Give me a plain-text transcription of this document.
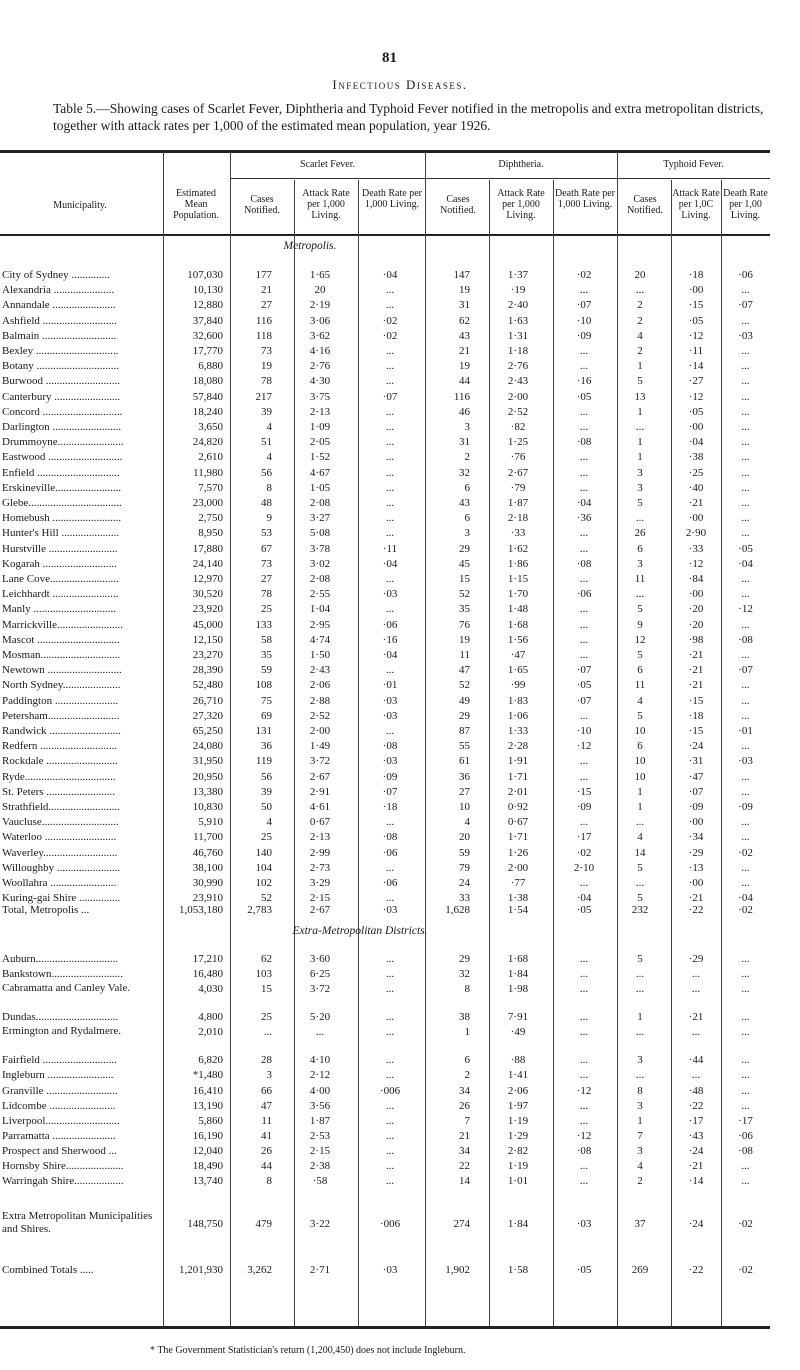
81
Infectious Diseases.
Table 5.—Showing cases of Scarlet Fever, Diphtheria and Typhoid Fever notified in the metropolis and extra metropolitan districts, together with attack rates per 1,000 of the estimated mean population, year 1926.
Municipality.
Scarlet Fever.	Diphtheria.	Typhoid Fever.
Estimated Mean Population.
Cases Notified.
Attack Rate per 1,000 Living.
Death Rate per 1,000 Living.	Cases Notified.
Attack Rate per 1,000 Living.
Death Rate per 1,000 Living.	Cases Notified.
Attack Rate per 1,0C Living.
Death Rate per 1,00 Living.
Metropolis.
City of Sydney ..............	107,030	177	1·65	·04	147	1·37	·02	20	·18	·06
Alexandria ......................	10,130	21	20	...	19	·19	...	...	·00	...
Annandale .......................	12,880	27	2·19	...	31	2·40	·07	2	·15	·07
Ashfield ...........................	37,840	116	3·06	·02	62	1·63	·10	2	·05	...
Balmain ...........................	32,600	118	3·62	·02	43	1·31	·09	4	·12	·03
Bexley ..............................	17,770	73	4·16	...	21	1·18	...	2	·11	...
Botany ..............................	6,880	19	2·76	...	19	2·76	...	1	·14	...
Burwood ...........................	18,080	78	4·30	...	44	2·43	·16	5	·27	...
Canterbury ........................	57,840	217	3·75	·07	116	2·00	·05	13	·12	...
Concord .............................	18,240	39	2·13	...	46	2·52	...	1	·05	...
Darlington .........................	3,650	4	1·09	...	3	·82	...	...	·00	...
Drummoyne........................	24,820	51	2·05	...	31	1·25	·08	1	·04	...
Eastwood ...........................	2,610	4	1·52	...	2	·76	...	1	·38	...
Enfield ..............................	11,980	56	4·67	...	32	2·67	...	3	·25	...
Erskineville........................	7,570	8	1·05	...	6	·79	...	3	·40	...
Glebe..................................	23,000	48	2·08	...	43	1·87	·04	5	·21	...
Homebush .........................	2,750	9	3·27	...	6	2·18	·36	...	·00	...
Hunter's Hill .....................	8,950	53	5·08	...	3	·33	...	26	2·90	...
Hurstville .........................	17,880	67	3·78	·11	29	1·62	...	6	·33	·05
Kogarah ...........................	24,140	73	3·02	·04	45	1·86	·08	3	·12	·04
Lane Cove.........................	12,970	27	2·08	...	15	1·15	...	11	·84	...
Leichhardt ........................	30,520	78	2·55	·03	52	1·70	·06	...	·00	...
Manly ..............................	23,920	25	1·04	...	35	1·48	...	5	·20	·12
Marrickville........................	45,000	133	2·95	·06	76	1·68	...	9	·20	...
Mascot ..............................	12,150	58	4·74	·16	19	1·56	...	12	·98	·08
Mosman.............................	23,270	35	1·50	·04	11	·47	...	5	·21	...
Newtown ...........................	28,390	59	2·43	...	47	1·65	·07	6	·21	·07
North Sydney.....................	52,480	108	2·06	·01	52	·99	·05	11	·21	...
Paddington .......................	26,710	75	2·88	·03	49	1·83	·07	4	·15	...
Petersham..........................	27,320	69	2·52	·03	29	1·06	...	5	·18	...
Randwick ..........................	65,250	131	2·00	...	87	1·33	·10	10	·15	·01
Redfern ............................	24,080	36	1·49	·08	55	2·28	·12	6	·24	...
Rockdale ..........................	31,950	119	3·72	·03	61	1·91	...	10	·31	·03
Ryde.................................	20,950	56	2·67	·09	36	1·71	...	10	·47	...
St. Peters .........................	13,380	39	2·91	·07	27	2·01	·15	1	·07	...
Strathfield..........................	10,830	50	4·61	·18	10	0·92	·09	1	·09	·09
Vaucluse............................	5,910	4	0·67	...	4	0·67	...	...	·00	...
Waterloo ..........................	11,700	25	2·13	·08	20	1·71	·17	4	·34	...
Waverley...........................	46,760	140	2·99	·06	59	1·26	·02	14	·29	·02
Willoughby .......................	38,100	104	2·73	...	79	2·00	2·10	5	·13	...
Woollahra ........................	30,990	102	3·29	·06	24	·77	...	...	·00	...
Kuring-gai Shire ...............	23,910	52	2·15	...	33	1·38	·04	5	·21	·04
Total, Metropolis ...	1,053,180	2,783	2·67	·03	1,628	1·54	·05	232	·22	·02
Extra-Metropolitan Districts.
Auburn..............................	17,210	62	3·60	...	29	1·68	...	5	·29	...
Bankstown..........................	16,480	103	6·25	...	32	1·84	...	...	...	...
Cabramatta and Canley Vale.	4,030	15	3·72	...	8	1·98	...	...	...	...
Dundas..............................	4,800	25	5·20	...	38	7·91	...	1	·21	...
Ermington and Rydalmere.	2,010	...	...	...	1	·49	...	...	...	...
Fairfield ...........................	6,820	28	4·10	...	6	·88	...	3	·44	...
Ingleburn ........................	*1,480	3	2·12	...	2	1·41	...	...	...	...
Granville ..........................	16,410	66	4·00	·006	34	2·06	·12	8	·48	...
Lidcombe ........................	13,190	47	3·56	...	26	1·97	...	3	·22	...
Liverpool...........................	5,860	11	1·87	...	7	1·19	...	1	·17	·17
Parramatta .......................	16,190	41	2·53	...	21	1·29	·12	7	·43	·06
Prospect and Sherwood ...	12,040	26	2·15	...	34	2·82	·08	3	·24	·08
Hornsby Shire.....................	18,490	44	2·38	...	22	1·19	...	4	·21	...
Warringah Shire..................	13,740	8	·58	...	14	1·01	...	2	·14	...
Extra Metropolitan Municipalities and Shires.	148,750	479	3·22	·006	274	1·84	·03	37	·24	·02
Combined Totals .....	1,201,930	3,262	2·71	·03	1,902	1·58	·05	269	·22	·02
* The Government Statistician's return (1,200,450) does not include Ingleburn.
